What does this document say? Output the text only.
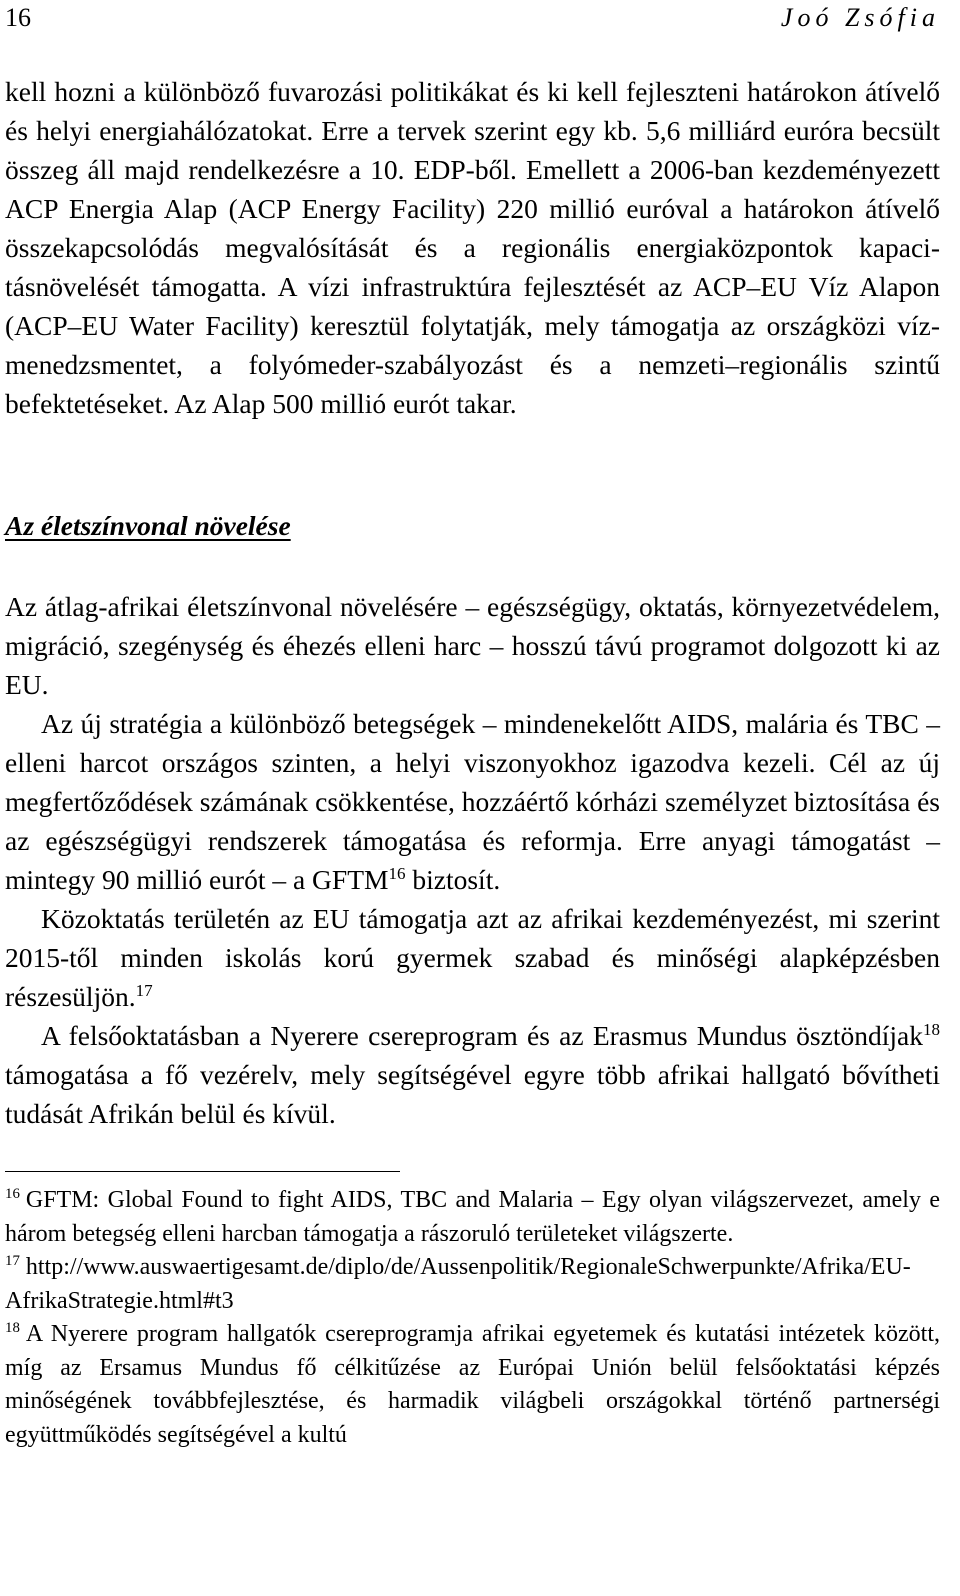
16	Joó Zsófia

kell hozni a különböző fuvarozási politikákat és ki kell fejleszteni határokon átívelő és helyi energiahálózatokat. Erre a tervek szerint egy kb. 5,6 milliárd euróra becsült összeg áll majd rendelkezésre a 10. EDP-ből. Emellett a 2006-ban kezdeményezett ACP Energia Alap (ACP Energy Facility) 220 millió euróval a határokon átívelő összekapcsolódás megvalósítását és a regionális energiaközpontok kapacitásnövelését támogatta. A vízi infrastruktúra fejlesztését az ACP–EU Víz Alapon (ACP–EU Water Facility) keresztül folytatják, mely támogatja az országközi víz-menedzsmentet, a folyómeder-szabályozást és a nemzeti–regionális szintű befektetéseket. Az Alap 500 millió eurót takar.

Az életszínvonal növelése

Az átlag-afrikai életszínvonal növelésére – egészségügy, oktatás, környezetvédelem, migráció, szegénység és éhezés elleni harc – hosszú távú programot dolgozott ki az EU.

Az új stratégia a különböző betegségek – mindenekelőtt AIDS, malária és TBC – elleni harcot országos szinten, a helyi viszonyokhoz igazodva kezeli. Cél az új megfertőződések számának csökkentése, hozzáértő kórházi személyzet biztosítása és az egészségügyi rendszerek támogatása és reformja. Erre anyagi támogatást – mintegy 90 millió eurót – a GFTM$^{16}$ biztosít.

Közoktatás területén az EU támogatja azt az afrikai kezdeményezést, mi szerint 2015-től minden iskolás korú gyermek szabad és minőségi alapképzésben részesüljön.$^{17}$

A felsőoktatásban a Nyerere csereprogram és az Erasmus Mundus ösztöndíjak$^{18}$ támogatása a fő vezérelv, mely segítségével egyre több afrikai hallgató bővítheti tudását Afrikán belül és kívül.

$^{16}$ GFTM: Global Found to fight AIDS, TBC and Malaria – Egy olyan világszervezet, amely e három betegség elleni harcban támogatja a rászoruló területeket világszerte.

$^{17}$ http://www.auswaertigesamt.de/diplo/de/Aussenpolitik/RegionaleSchwerpunkte/Afrika/EU-AfrikaStrategie.html#t3

$^{18}$ A Nyerere program hallgatók csereprogramja afrikai egyetemek és kutatási intézetek között, míg az Ersamus Mundus fő célkitűzése az Európai Unión belül felsőoktatási képzés minőségének továbbfejlesztése, és harmadik világbeli országokkal történő partnerségi együttműködés segítségével a kultú
